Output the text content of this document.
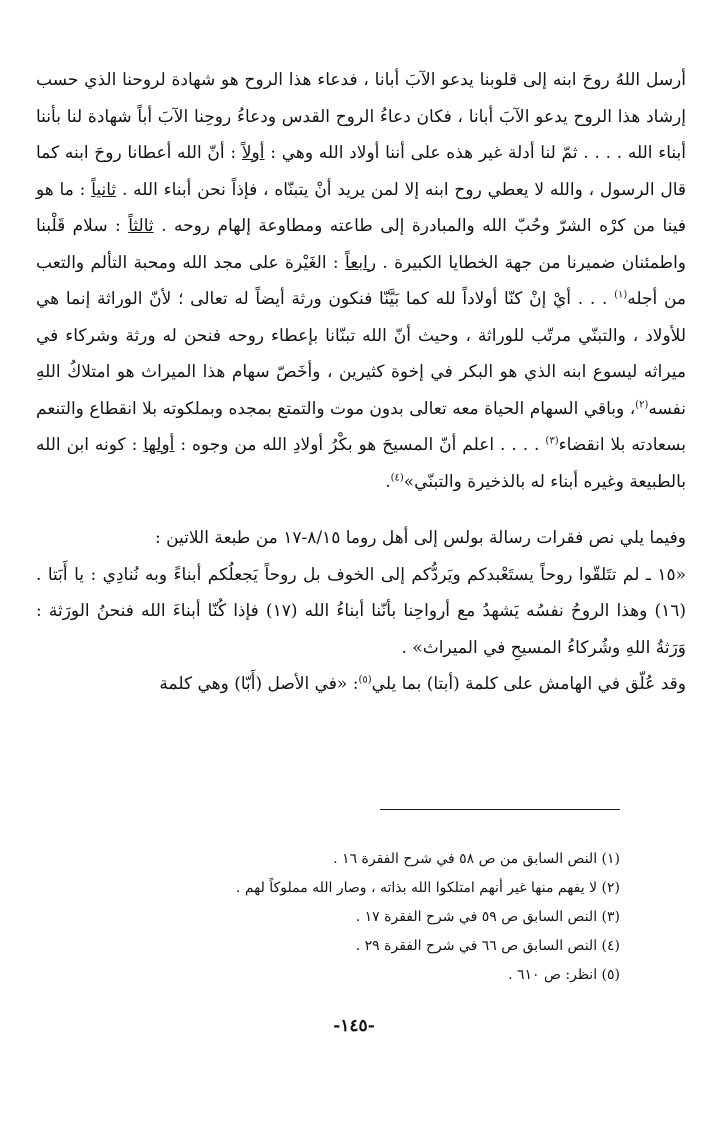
أرسل اللهُ روحَ ابنه إلى قلوبنا يدعو الآبَ أبانا ، فدعاء هذا الروح هو شهادة لروحنا الذي حسب إرشاد هذا الروح يدعو الآبَ أبانا ، فكان دعاءُ الروح القدس ودعاءُ روحِنا الآبَ أباً شهادة لنا بأننا أبناء الله . . . . ثمّ لنا أدلة غير هذه على أننا أولاد الله وهي : أولاً : أنّ الله أعطانا روحَ ابنه كما قال الرسول ، والله لا يعطي روح ابنه إلا لمن يريد أنْ يتبنّاه ، فإذاً نحن أبناء الله . ثانياً : ما هو فينا من كرْه الشرّ وحُبّ الله والمبادرة إلى طاعته ومطاوعة إلهام روحه . ثالثاً : سلام قَلْبنا واطمئنان ضميرنا من جهة الخطايا الكبيرة . رابعاً : الغَيْرة على مجد الله ومحبة التألم والتعب من أجله$^{(١)}$ . . . أيْ إنْ كنّا أولاداً لله كما بَيَّنّا فنكون ورثة أيضاً له تعالى ؛ لأنّ الوراثة إنما هي للأولاد ، والتبنّي مرتّب للوراثة ، وحيث أنّ الله تبنّانا بإعطاء روحه فنحن له ورثة وشركاء في ميراثه ليسوع ابنه الذي هو البكر في إخوة كثيرين ، وأخَصّ سهام هذا الميراث هو امتلاكُ اللهِ نفسه$^{(٢)}$، وباقي السهام الحياة معه تعالى بدون موت والتمتع بمجده وبملكوته بلا انقطاع والتنعم بسعادته بلا انقضاء$^{(٣)}$ . . . . اعلم أنّ المسيحَ هو بكْرُ أولادِ الله من وجوه : أولها : كونه ابن الله بالطبيعة وغيره أبناء له بالذخيرة والتبنّي»$^{(٤)}$.

وفيما يلي نص فقرات رسالة بولس إلى أهل روما ٨/١٥-١٧ من طبعة اللاتين :

«١٥ ـ لم تتَلقّوا روحاً يستَعْبدكم ويَردُّكم إلى الخوف بل روحاً يَجعلُكم أبناءً وبه نُنادِي : يا أَبَتا . (١٦) وهذا الروحُ نفسُه يَشهدُ مع أرواحِنا بأنّنا أبناءُ الله (١٧) فإذا كُنّا أبناءَ الله فنحنُ الورَثة : وَرَثةُ اللهِ وشُركاءُ المسيحِ في الميراث» .

وقد عُلّق في الهامش على كلمة (أبتا) بما يلي$^{(٥)}$: «في الأصل (أَبّا) وهي كلمة

(١) النص السابق من ص ٥٨ في شرح الفقرة ١٦ .
(٢) لا يفهم منها غير أنهم امتلكوا الله بذاته ، وصار الله مملوكاً لهم .
(٣) النص السابق ص ٥٩ في شرح الفقرة ١٧ .
(٤) النص السابق ص ٦٦ في شرح الفقرة ٢٩ .
(٥) انظر: ص ٦١٠ .
-١٤٥-
